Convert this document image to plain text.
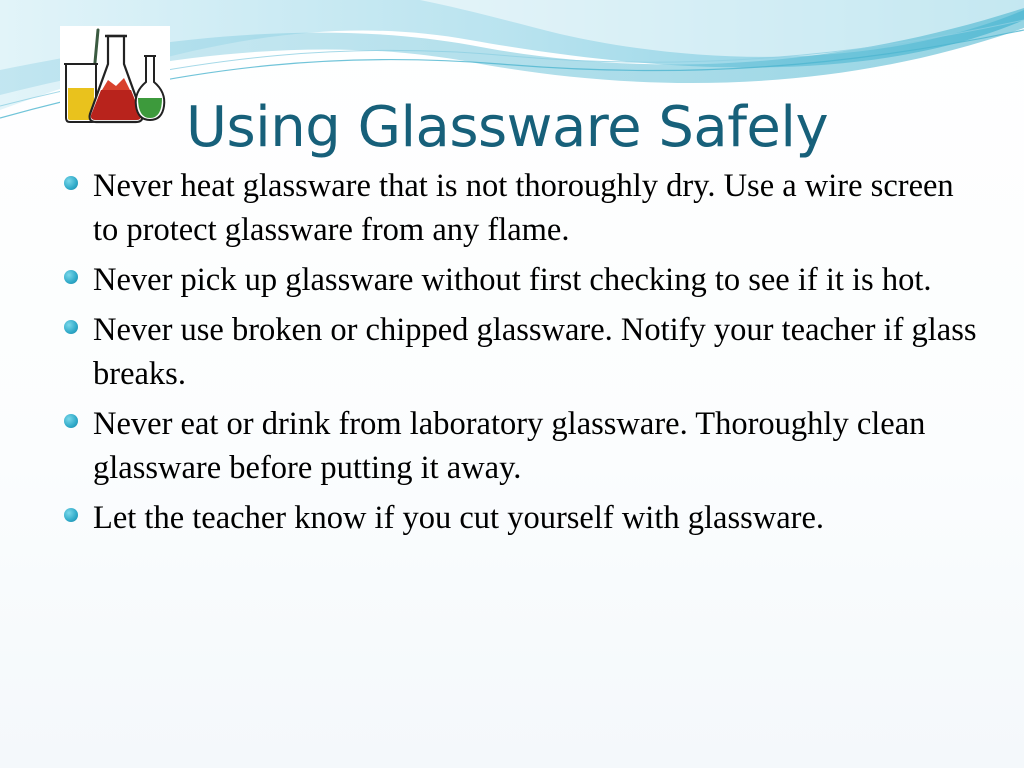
Using Glassware Safely
Never heat glassware that is not thoroughly dry. Use a wire screen to protect glassware from any flame.
Never pick up glassware without first checking to see if it is hot.
Never use broken or chipped glassware. Notify your teacher if glass breaks.
Never eat or drink from laboratory glassware. Thoroughly clean glassware before putting it away.
Let the teacher know if you cut yourself with glassware.
